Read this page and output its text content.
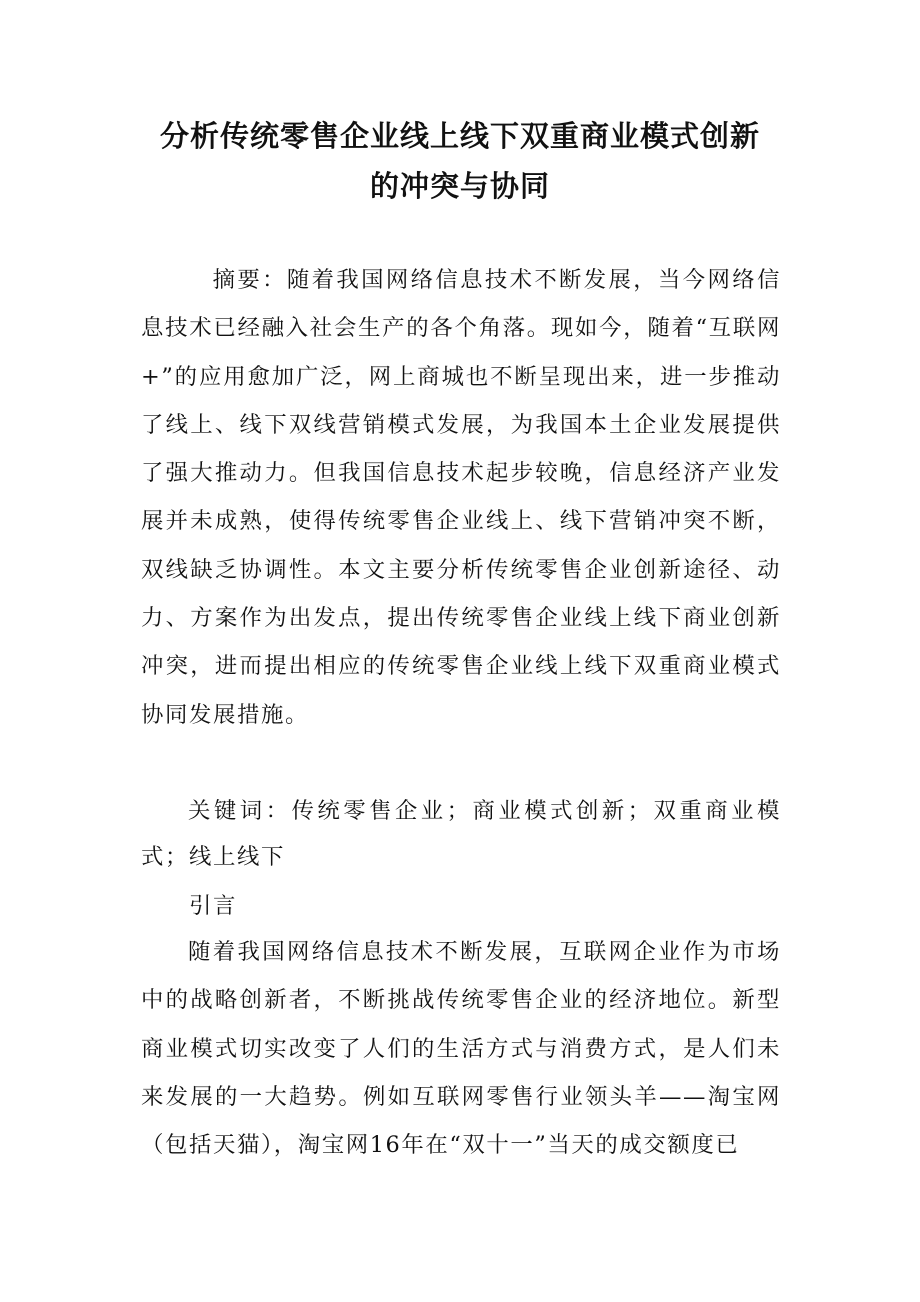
分析传统零售企业线上线下双重商业模式创新
的冲突与协同

摘要：随着我国网络信息技术不断发展，当今网络信息技术已经融入社会生产的各个角落。现如今，随着“互联网+”的应用愈加广泛，网上商城也不断呈现出来，进一步推动了线上、线下双线营销模式发展，为我国本土企业发展提供了强大推动力。但我国信息技术起步较晚，信息经济产业发展并未成熟，使得传统零售企业线上、线下营销冲突不断，双线缺乏协调性。本文主要分析传统零售企业创新途径、动力、方案作为出发点，提出传统零售企业线上线下商业创新冲突，进而提出相应的传统零售企业线上线下双重商业模式协同发展措施。

关键词：传统零售企业；商业模式创新；双重商业模式；线上线下

引言

随着我国网络信息技术不断发展，互联网企业作为市场中的战略创新者，不断挑战传统零售企业的经济地位。新型商业模式切实改变了人们的生活方式与消费方式，是人们未来发展的一大趋势。例如互联网零售行业领头羊——淘宝网（包括天猫），淘宝网16年在“双十一”当天的成交额度已
